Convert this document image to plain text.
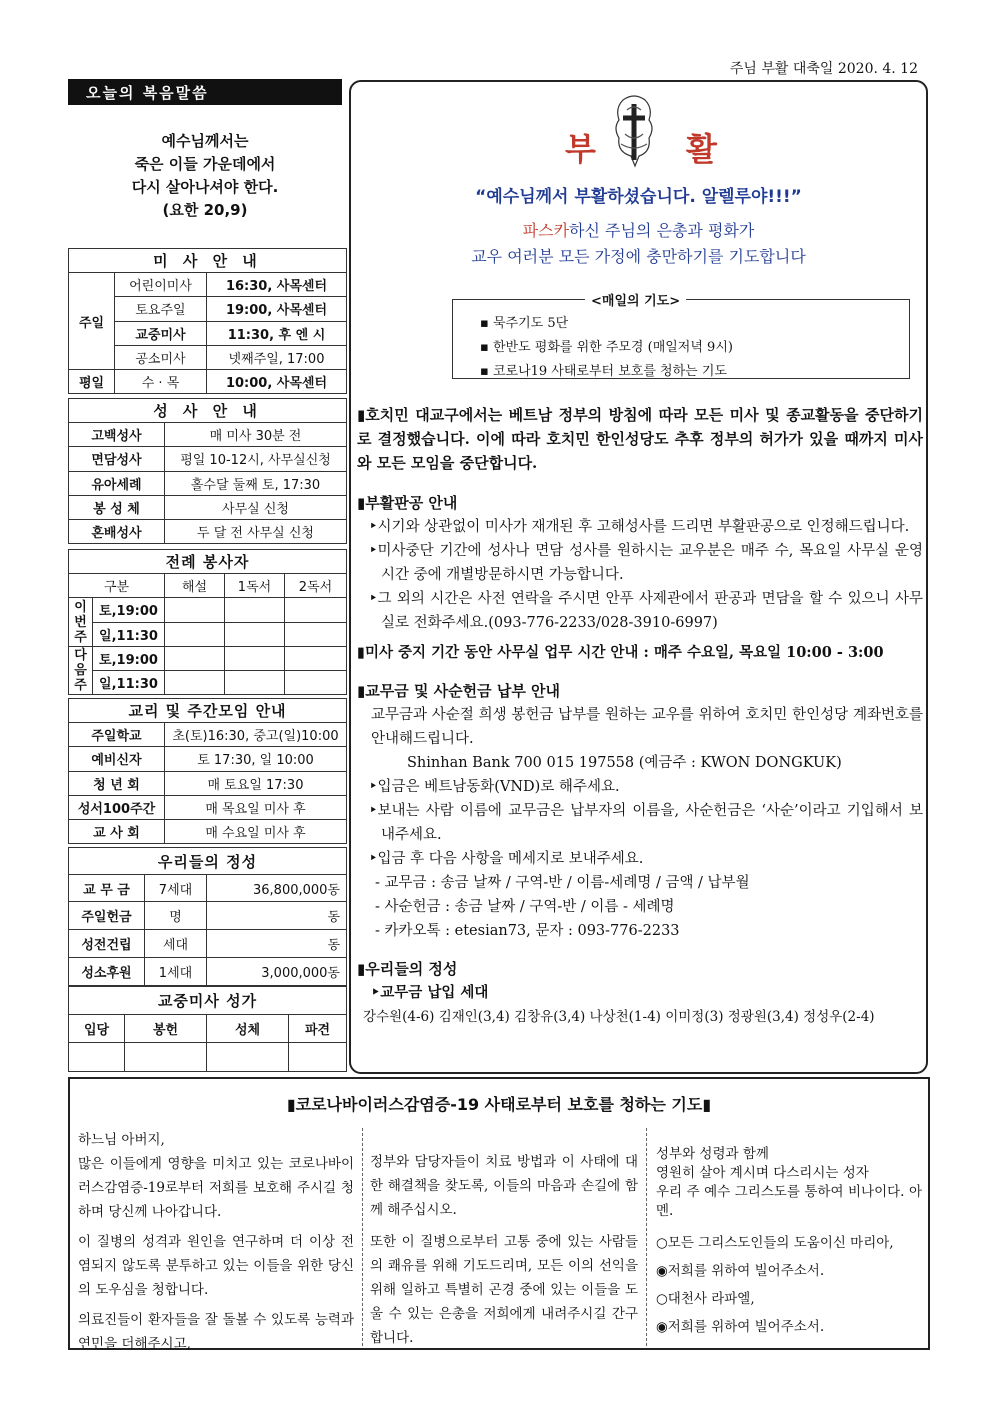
주님 부활 대축일 2020. 4. 12
오늘의 복음말씀
예수님께서는
죽은 이들 가운데에서
다시 살아나셔야 한다.
(요한 20,9)
미 사 안 내		
주일	어린이미사	16:30, 사목센터
	토요주일	19:00, 사목센터
	교중미사	11:30, 후 엔 시
	공소미사	넷째주일, 17:00
평일	수 · 목	10:00, 사목센터
성 사 안 내	
고백성사	매 미사 30분 전
면담성사	평일 10-12시, 사무실신청
유아세례	홀수달 둘째 토, 17:30
봉 성 체	사무실 신청
혼배성사	두 달 전 사무실 신청
전례 봉사자				
구분		해설	1독서	2독서
이번주	토,19:00			
	일,11:30			
다음주	토,19:00			
	일,11:30			
교리 및 주간모임 안내	
주일학교	초(토)16:30, 중고(일)10:00
예비신자	토 17:30, 일 10:00
청 년 회	매 토요일 17:30
성서100주간	매 목요일 미사 후
교 사 회	매 수요일 미사 후
우리들의 정성		
교 무 금	7세대	36,800,000동
주일헌금	명	동
성전건립	세대	동
성소후원	1세대	3,000,000동
교중미사 성가			
입당	봉헌	성체	파견

부	활
“예수님께서 부활하셨습니다. 알렐루야!!!”
파스카하신 주님의 은총과 평화가
교우 여러분 모든 가정에 충만하기를 기도합니다
<매일의 기도>
▪ 묵주기도 5단
▪ 한반도 평화를 위한 주모경 (매일저녁 9시)
▪ 코로나19 사태로부터 보호를 청하는 기도

▮호치민 대교구에서는 베트남 정부의 방침에 따라 모든 미사 및 종교활동을 중단하기로 결정했습니다. 이에 따라 호치민 한인성당도 추후 정부의 허가가 있을 때까지 미사와 모든 모임을 중단합니다.

▮부활판공 안내

‣시기와 상관없이 미사가 재개된 후 고해성사를 드리면 부활판공으로 인정해드립니다.

‣미사중단 기간에 성사나 면담 성사를 원하시는 교우분은 매주 수, 목요일 사무실 운영시간 중에 개별방문하시면 가능합니다.

‣그 외의 시간은 사전 연락을 주시면 안푸 사제관에서 판공과 면담을 할 수 있으니 사무실로 전화주세요.(093-776-2233/028-3910-6997)

▮미사 중지 기간 동안 사무실 업무 시간 안내 : 매주 수요일, 목요일 10:00 - 3:00
▮교무금 및 사순헌금 납부 안내

교무금과 사순절 희생 봉헌금 납부를 원하는 교우를 위하여 호치민 한인성당 계좌번호를 안내해드립니다.

Shinhan Bank 700 015 197558 (예금주 : KWON DONGKUK)

‣입금은 베트남동화(VND)로 해주세요.

‣보내는 사람 이름에 교무금은 납부자의 이름을, 사순헌금은 ‘사순’이라고 기입해서 보내주세요.

‣입금 후 다음 사항을 메세지로 보내주세요.

- 교무금 : 송금 날짜 / 구역-반 / 이름-세례명 / 금액 / 납부월
- 사순헌금 : 송금 날짜 / 구역-반 / 이름 - 세례명
- 카카오톡 : etesian73, 문자 : 093-776-2233
▮우리들의 정성
‣교무금 납입 세대
강수원(4-6) 김재인(3,4) 김창유(3,4) 나상천(1-4) 이미정(3) 정광원(3,4) 정성우(2-4)
▮코로나바이러스감염증-19 사태로부터 보호를 청하는 기도▮
하느님 아버지,
많은 이들에게 영향을 미치고 있는 코로나바이러스감염증-19로부터 저희를 보호해 주시길 청하며 당신께 나아갑니다.
이 질병의 성격과 원인을 연구하며 더 이상 전염되지 않도록 분투하고 있는 이들을 위한 당신의 도우심을 청합니다.
의료진들이 환자들을 잘 돌볼 수 있도록 능력과 연민을 더해주시고,
정부와 담당자들이 치료 방법과 이 사태에 대한 해결책을 찾도록, 이들의 마음과 손길에 함께 해주십시오.
또한 이 질병으로부터 고통 중에 있는 사람들의 쾌유를 위해 기도드리며, 모든 이의 선익을 위해 일하고 특별히 곤경 중에 있는 이들을 도울 수 있는 은총을 저희에게 내려주시길 간구합니다.
성부와 성령과 함께
영원히 살아 계시며 다스리시는 성자
우리 주 예수 그리스도를 통하여 비나이다. 아멘.
○모든 그리스도인들의 도움이신 마리아,
◉저희를 위하여 빌어주소서.
○대천사 라파엘,
◉저희를 위하여 빌어주소서.
